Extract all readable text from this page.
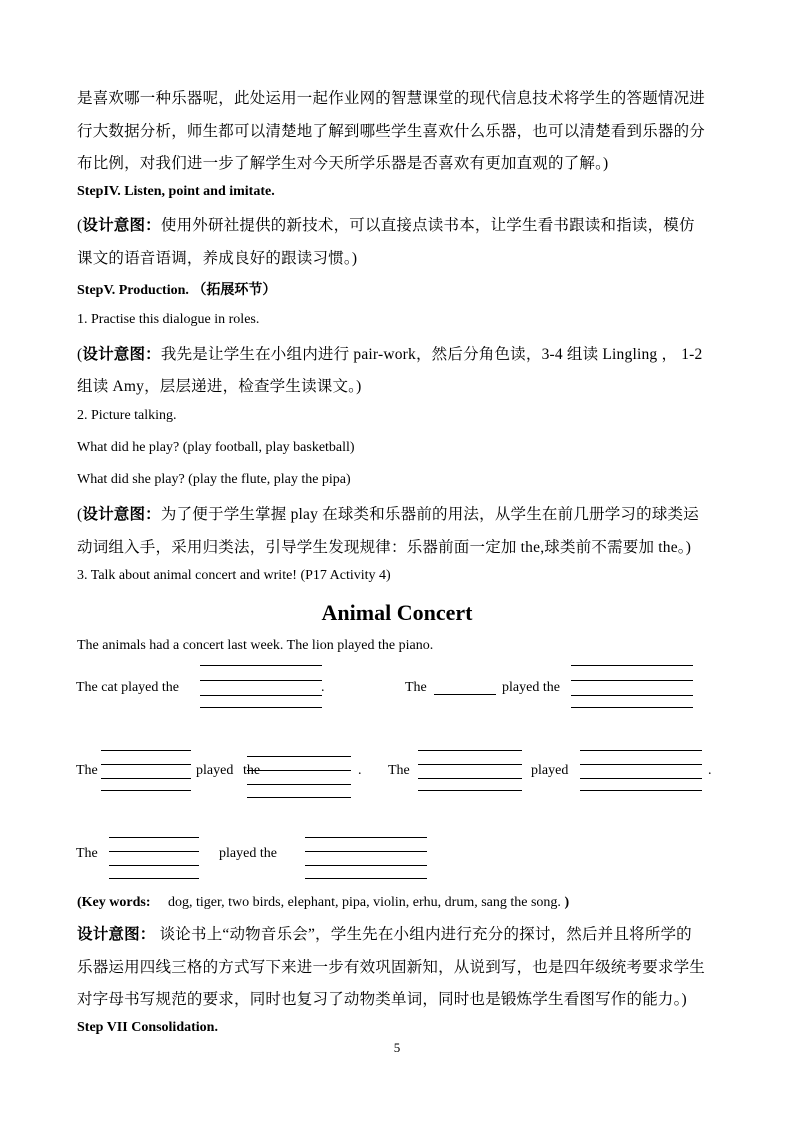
是喜欢哪一种乐器呢，此处运用一起作业网的智慧课堂的现代信息技术将学生的答题情况进
行大数据分析，师生都可以清楚地了解到哪些学生喜欢什么乐器，也可以清楚看到乐器的分
布比例，对我们进一步了解学生对今天所学乐器是否喜欢有更加直观的了解。)
StepIV. Listen, point and imitate.
(设计意图：使用外研社提供的新技术，可以直接点读书本，让学生看书跟读和指读，模仿
课文的语音语调，养成良好的跟读习惯。)
StepV. Production. （拓展环节）
1. Practise this dialogue in roles.
(设计意图：我先是让学生在小组内进行 pair-work，然后分角色读，3-4 组读 Lingling ， 1-2
组读 Amy，层层递进，检查学生读课文。)
2. Picture talking.
What did he play? (play football, play basketball)
What did she play? (play the flute, play the pipa)
(设计意图：为了便于学生掌握 play 在球类和乐器前的用法，从学生在前几册学习的球类运
动词组入手，采用归类法，引导学生发现规律：乐器前面一定加 the,球类前不需要加 the。)
3. Talk about animal concert and write! (P17 Activity 4)
Animal Concert
The animals had a concert last week. The lion played the piano.
The cat played the	.	The	played the
The	played the	. The	played	.
The	played the
(Key words: dog, tiger, two birds, elephant, pipa, violin, erhu, drum, sang the song. )
设计意图： 谈论书上“动物音乐会”，学生先在小组内进行充分的探讨，然后并且将所学的
乐器运用四线三格的方式写下来进一步有效巩固新知，从说到写，也是四年级统考要求学生
对字母书写规范的要求，同时也复习了动物类单词，同时也是锻炼学生看图写作的能力。)
Step VII Consolidation.
5
